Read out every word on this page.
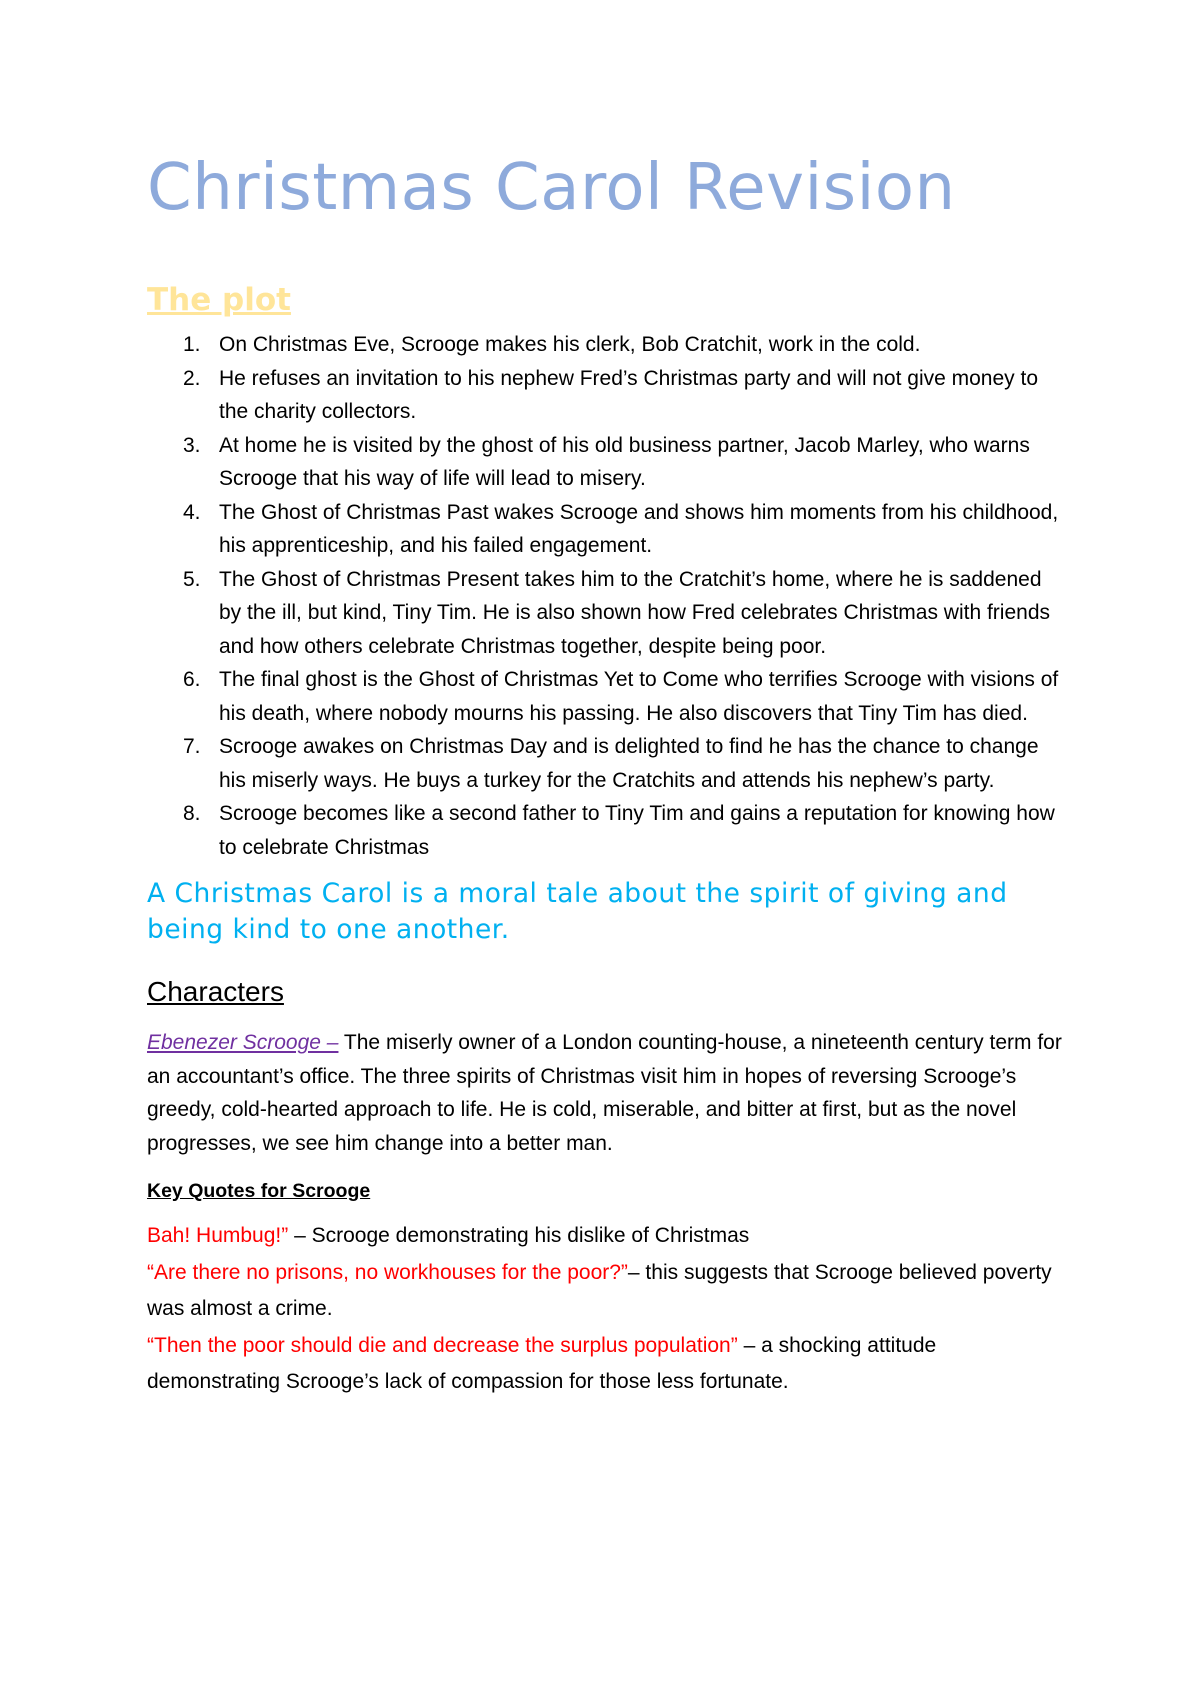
Christmas Carol Revision
The plot
1. On Christmas Eve, Scrooge makes his clerk, Bob Cratchit, work in the cold.
2. He refuses an invitation to his nephew Fred’s Christmas party and will not give money to the charity collectors.
3. At home he is visited by the ghost of his old business partner, Jacob Marley, who warns Scrooge that his way of life will lead to misery.
4. The Ghost of Christmas Past wakes Scrooge and shows him moments from his childhood, his apprenticeship, and his failed engagement.
5. The Ghost of Christmas Present takes him to the Cratchit’s home, where he is saddened by the ill, but kind, Tiny Tim. He is also shown how Fred celebrates Christmas with friends and how others celebrate Christmas together, despite being poor.
6. The final ghost is the Ghost of Christmas Yet to Come who terrifies Scrooge with visions of his death, where nobody mourns his passing. He also discovers that Tiny Tim has died.
7. Scrooge awakes on Christmas Day and is delighted to find he has the chance to change his miserly ways. He buys a turkey for the Cratchits and attends his nephew’s party.
8. Scrooge becomes like a second father to Tiny Tim and gains a reputation for knowing how to celebrate Christmas

A Christmas Carol is a moral tale about the spirit of giving and being kind to one another.

Characters

Ebenezer Scrooge – The miserly owner of a London counting-house, a nineteenth century term for an accountant’s office. The three spirits of Christmas visit him in hopes of reversing Scrooge’s greedy, cold-hearted approach to life. He is cold, miserable, and bitter at first, but as the novel progresses, we see him change into a better man.

Key Quotes for Scrooge

Bah! Humbug!” – Scrooge demonstrating his dislike of Christmas
“Are there no prisons, no workhouses for the poor?”– this suggests that Scrooge believed poverty was almost a crime.
“Then the poor should die and decrease the surplus population” – a shocking attitude demonstrating Scrooge’s lack of compassion for those less fortunate.
